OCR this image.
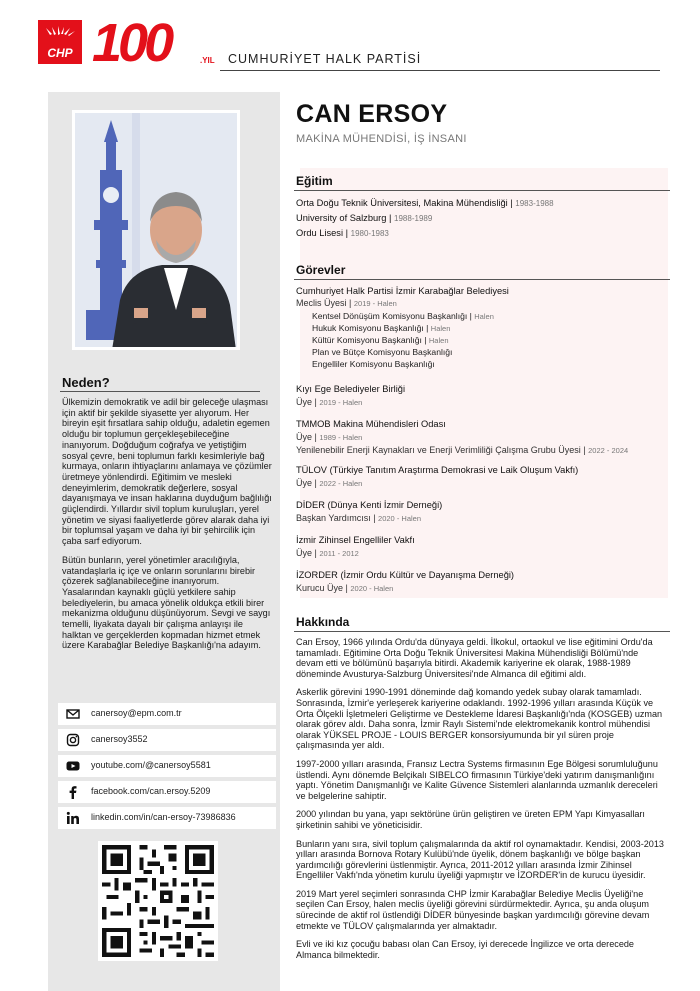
CHP 100	.YIL CUMHURİYET HALK PARTİSİ
Neden?

Ülkemizin demokratik ve adil bir geleceğe ulaşması için aktif bir şekilde siyasette yer alıyorum. Her bireyin eşit fırsatlara sahip olduğu, adaletin egemen olduğu bir toplumun gerçekleşebileceğine inanıyorum. Doğduğum coğrafya ve yetiştiğim sosyal çevre, beni toplumun farklı kesimleriyle bağ kurmaya, onların ihtiyaçlarını anlamaya ve çözümler üretmeye yönlendirdi. Eğitimim ve mesleki deneyimlerim, demokratik değerlere, sosyal dayanışmaya ve insan haklarına duyduğum bağlılığı güçlendirdi. Yıllardır sivil toplum kuruluşları, yerel yönetim ve siyasi faaliyetlerde görev alarak daha iyi bir toplumsal yaşam ve daha iyi bir şehircilik için çaba sarf ediyorum.

Bütün bunların, yerel yönetimler aracılığıyla, vatandaşlarla iç içe ve onların sorunlarını birebir çözerek sağlanabileceğine inanıyorum. Yasalarından kaynaklı güçlü yetkilere sahip belediyelerin, bu amaca yönelik oldukça etkili birer mekanizma olduğunu düşünüyorum. Sevgi ve saygı temelli, liyakata dayalı bir çalışma anlayışı ile halktan ve gerçeklerden kopmadan hizmet etmek üzere Karabağlar Belediye Başkanlığı'na adayım.

canersoy@epm.com.tr
canersoy3552
youtube.com/@canersoy5581
facebook.com/can.ersoy.5209
linkedin.com/in/can-ersoy-73986836
CAN ERSOY
MAKİNA MÜHENDİSİ, İŞ İNSANI
Eğitim
Orta Doğu Teknik Üniversitesi, Makina Mühendisliği | 1983-1988
University of Salzburg | 1988-1989
Ordu Lisesi | 1980-1983
Görevler
Cumhuriyet Halk Partisi İzmir Karabağlar Belediyesi
Meclis Üyesi | 2019 - Halen
Kentsel Dönüşüm Komisyonu Başkanlığı | Halen
Hukuk Komisyonu Başkanlığı | Halen
Kültür Komisyonu Başkanlığı | Halen
Plan ve Bütçe Komisyonu Başkanlığı
Engelliler Komisyonu Başkanlığı
Kıyı Ege Belediyeler Birliği
Üye | 2019 - Halen
TMMOB Makina Mühendisleri Odası
Üye | 1989 - Halen
Yenilenebilir Enerji Kaynakları ve Enerji Verimliliği Çalışma Grubu Üyesi | 2022 - 2024
TÜLOV (Türkiye Tanıtım Araştırma Demokrasi ve Laik Oluşum Vakfı)
Üye | 2022 - Halen
DİDER (Dünya Kenti İzmir Derneği)
Başkan Yardımcısı | 2020 - Halen
İzmir Zihinsel Engelliler Vakfı
Üye | 2011 - 2012
İZORDER (İzmir Ordu Kültür ve Dayanışma Derneği)
Kurucu Üye | 2020 - Halen
Hakkında

Can Ersoy, 1966 yılında Ordu'da dünyaya geldi. İlkokul, ortaokul ve lise eğitimini Ordu'da tamamladı. Eğitimine Orta Doğu Teknik Üniversitesi Makina Mühendisliği Bölümü'nde devam etti ve bölümünü başarıyla bitirdi. Akademik kariyerine ek olarak, 1988-1989 döneminde Avusturya-Salzburg Üniversitesi'nde Almanca dil eğitimi aldı.

Askerlik görevini 1990-1991 döneminde dağ komando yedek subay olarak tamamladı. Sonrasında, İzmir'e yerleşerek kariyerine odaklandı. 1992-1996 yılları arasında Küçük ve Orta Ölçekli İşletmeleri Geliştirme ve Destekleme İdaresi Başkanlığı'nda (KOSGEB) uzman olarak görev aldı. Daha sonra, İzmir Raylı Sistemi'nde elektromekanik kontrol mühendisi olarak YÜKSEL PROJE - LOUIS BERGER konsorsiyumunda bir yıl süren proje çalışmasında yer aldı.

1997-2000 yılları arasında, Fransız Lectra Systems firmasının Ege Bölgesi sorumluluğunu üstlendi. Aynı dönemde Belçikalı SIBELCO firmasının Türkiye'deki yatırım danışmanlığını yaptı. Yönetim Danışmanlığı ve Kalite Güvence Sistemleri alanlarında uzmanlık dereceleri ve belgelerine sahiptir.

2000 yılından bu yana, yapı sektörüne ürün geliştiren ve üreten EPM Yapı Kimyasalları şirketinin sahibi ve yöneticisidir.

Bunların yanı sıra, sivil toplum çalışmalarında da aktif rol oynamaktadır. Kendisi, 2003-2013 yılları arasında Bornova Rotary Kulübü'nde üyelik, dönem başkanlığı ve bölge başkan yardımcılığı görevlerini üstlenmiştir. Ayrıca, 2011-2012 yılları arasında İzmir Zihinsel Engelliler Vakfı'nda yönetim kurulu üyeliği yapmıştır ve İZORDER'in de kurucu üyesidir.

2019 Mart yerel seçimleri sonrasında CHP İzmir Karabağlar Belediye Meclis Üyeliği'ne seçilen Can Ersoy, halen meclis üyeliği görevini sürdürmektedir. Ayrıca, şu anda oluşum sürecinde de aktif rol üstlendiği DİDER bünyesinde başkan yardımcılığı görevine devam etmekte ve TÜLOV çalışmalarında yer almaktadır.

Evli ve iki kız çocuğu babası olan Can Ersoy, iyi derecede İngilizce ve orta derecede Almanca bilmektedir.
